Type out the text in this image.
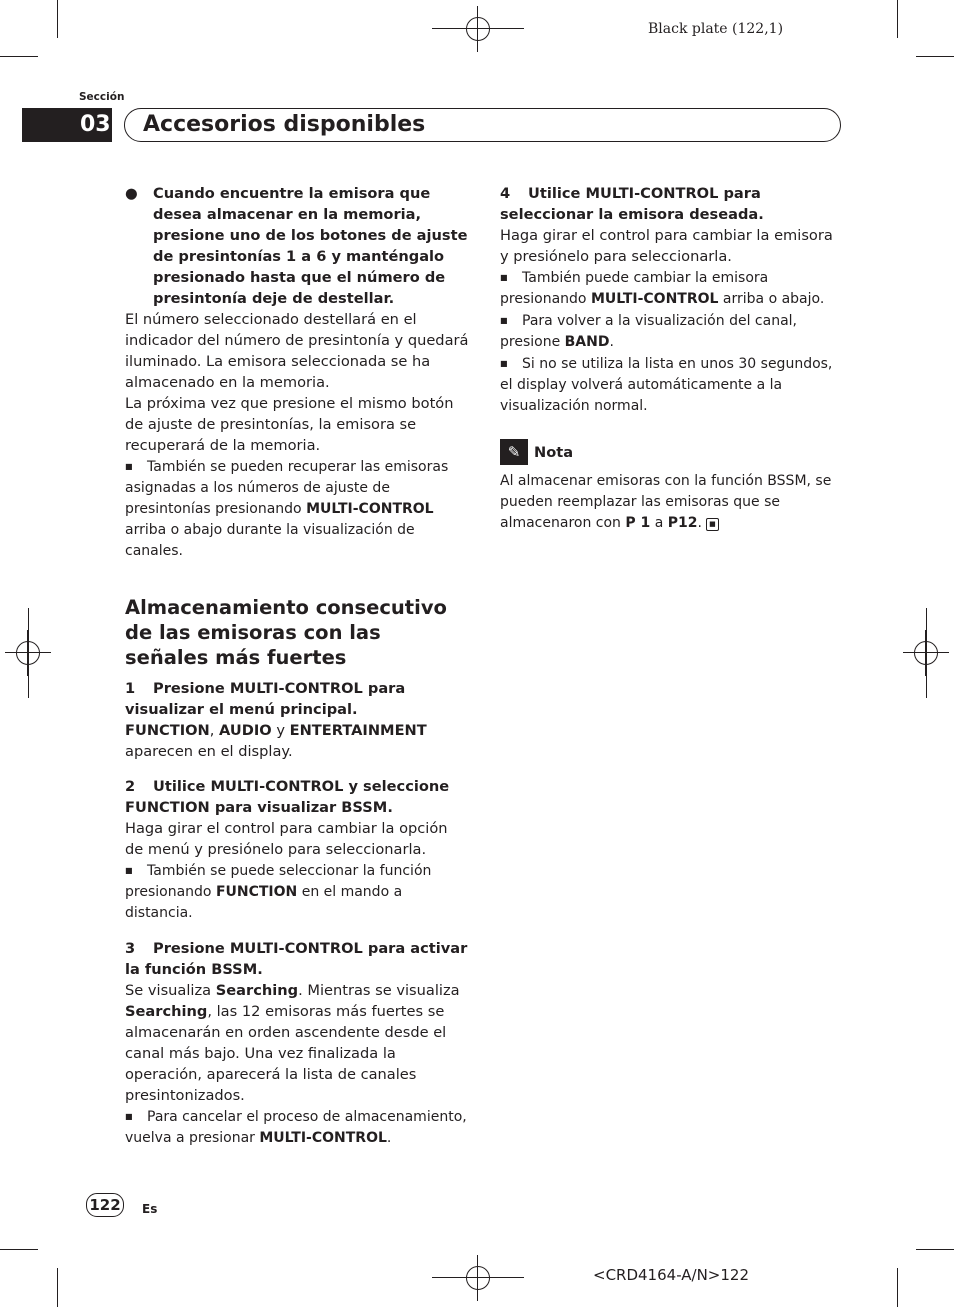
Black plate (122,1)
Sección
03 Accesorios disponibles

● Cuando encuentre la emisora que desea almacenar en la memoria, presione uno de los botones de ajuste de presintonías 1 a 6 y manténgalo presionado hasta que el número de presintonía deje de destellar.

El número seleccionado destellará en el indicador del número de presintonía y quedará iluminado. La emisora seleccionada se ha almacenado en la memoria.

La próxima vez que presione el mismo botón de ajuste de presintonías, la emisora se recuperará de la memoria.

■ También se pueden recuperar las emisoras asignadas a los números de ajuste de presintonías presionando MULTI-CONTROL arriba o abajo durante la visualización de canales.

Almacenamiento consecutivo de las emisoras con las señales más fuertes

1 Presione MULTI-CONTROL para visualizar el menú principal.

FUNCTION, AUDIO y ENTERTAINMENT aparecen en el display.

2 Utilice MULTI-CONTROL y seleccione FUNCTION para visualizar BSSM.

Haga girar el control para cambiar la opción de menú y presiónelo para seleccionarla.

■ También se puede seleccionar la función presionando FUNCTION en el mando a distancia.

3 Presione MULTI-CONTROL para activar la función BSSM.

Se visualiza Searching. Mientras se visualiza Searching, las 12 emisoras más fuertes se almacenarán en orden ascendente desde el canal más bajo. Una vez finalizada la operación, aparecerá la lista de canales presintonizados.

■ Para cancelar el proceso de almacenamiento, vuelva a presionar MULTI-CONTROL.

4 Utilice MULTI-CONTROL para seleccionar la emisora deseada.

Haga girar el control para cambiar la emisora y presiónelo para seleccionarla.

■ También puede cambiar la emisora presionando MULTI-CONTROL arriba o abajo.

■ Para volver a la visualización del canal, presione BAND.

■ Si no se utiliza la lista en unos 30 segundos, el display volverá automáticamente a la visualización normal.

✎ Nota

Al almacenar emisoras con la función BSSM, se pueden reemplazar las emisoras que se almacenaron con P 1 a P12. ■

122 Es
<CRD4164-A/N>122
